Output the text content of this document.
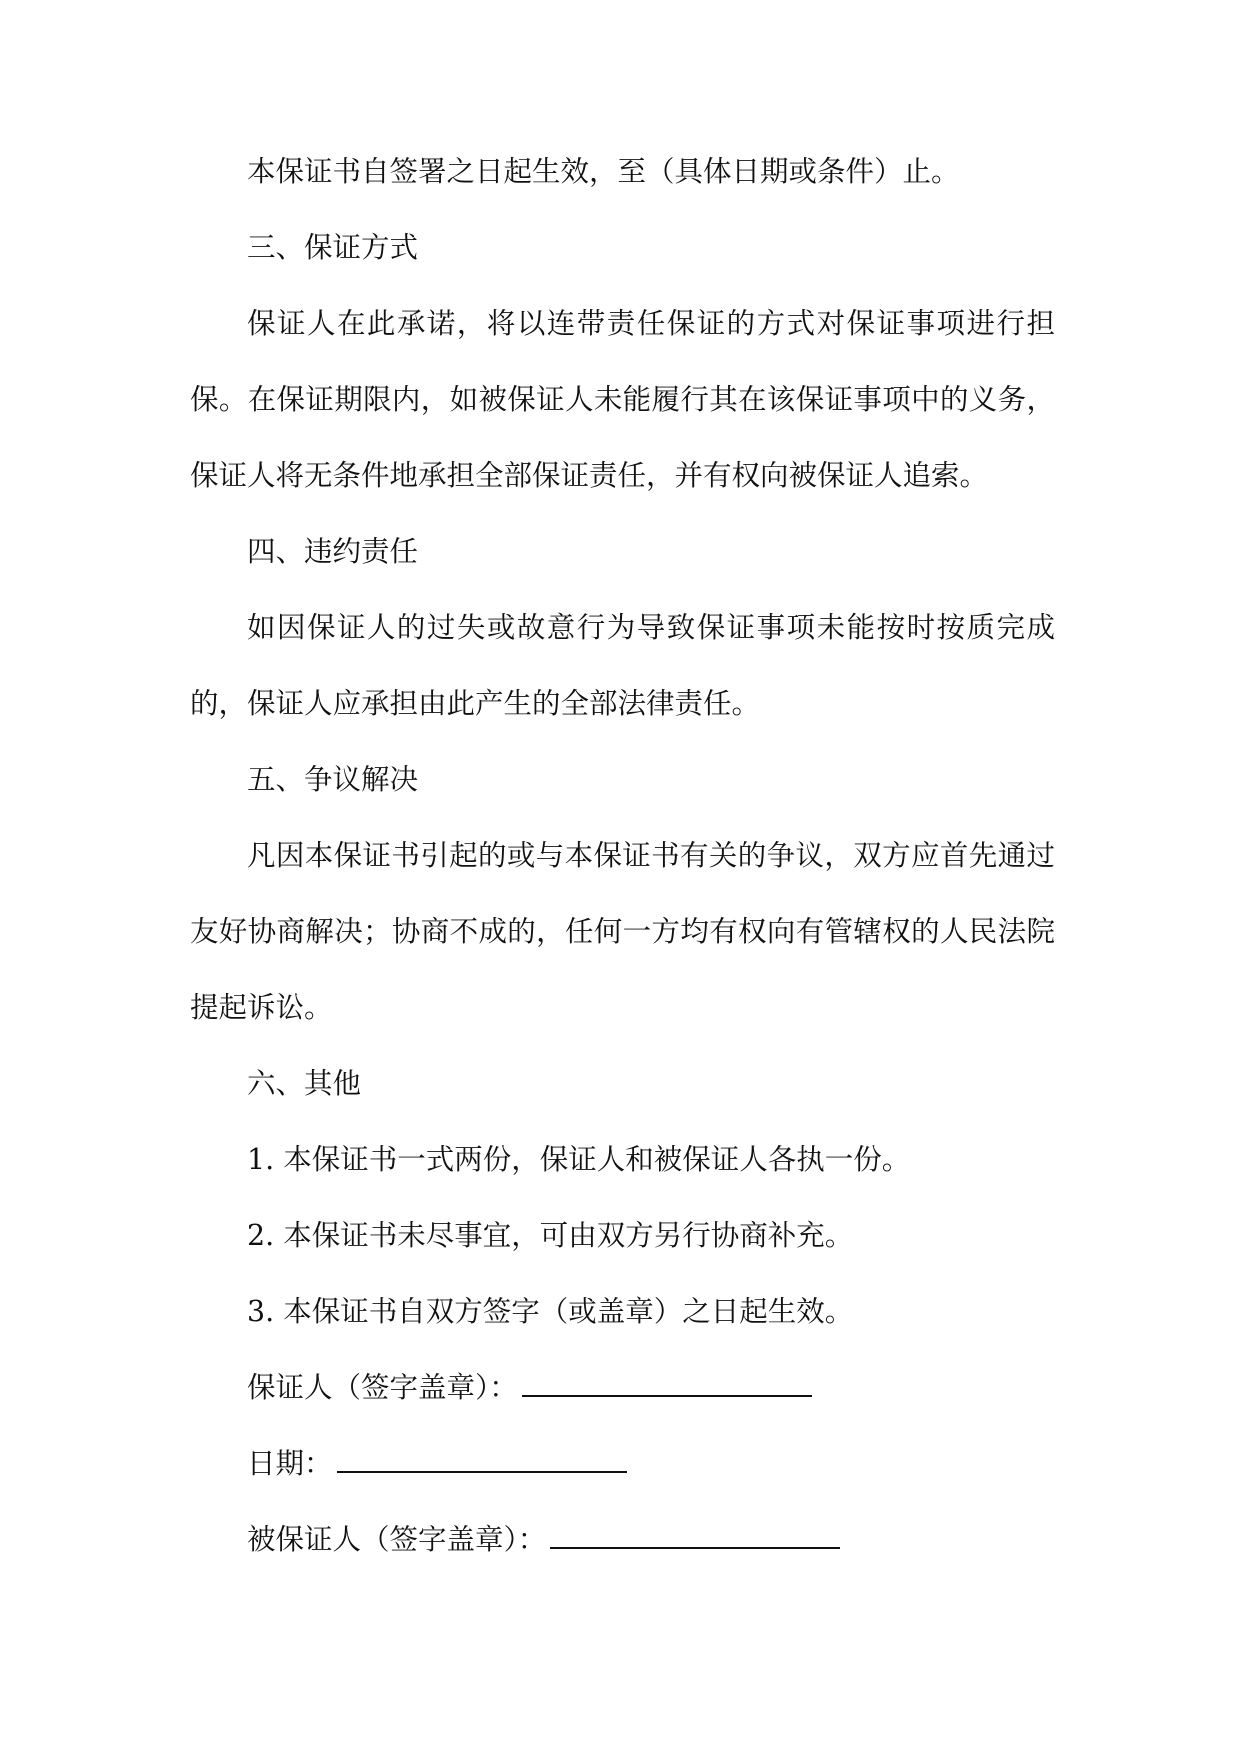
本保证书自签署之日起生效，至（具体日期或条件）止。

三、保证方式

保证人在此承诺，将以连带责任保证的方式对保证事项进行担保。在保证期限内，如被保证人未能履行其在该保证事项中的义务，保证人将无条件地承担全部保证责任，并有权向被保证人追索。

四、违约责任

如因保证人的过失或故意行为导致保证事项未能按时按质完成的，保证人应承担由此产生的全部法律责任。

五、争议解决

凡因本保证书引起的或与本保证书有关的争议，双方应首先通过友好协商解决；协商不成的，任何一方均有权向有管辖权的人民法院提起诉讼。

六、其他

1. 本保证书一式两份，保证人和被保证人各执一份。

2. 本保证书未尽事宜，可由双方另行协商补充。

3. 本保证书自双方签字（或盖章）之日起生效。

保证人（签字盖章）：

日期：

被保证人（签字盖章）：
